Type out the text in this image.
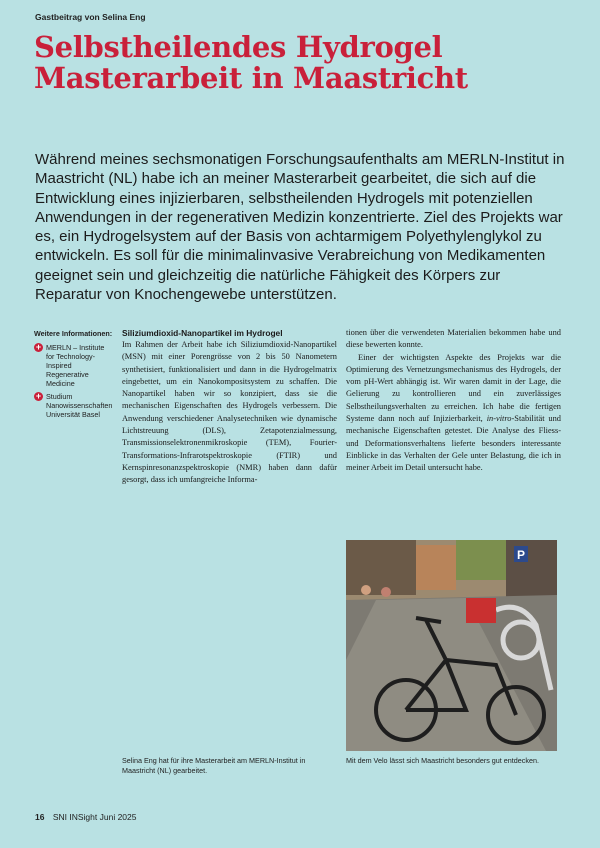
Gastbeitrag von Selina Eng
Selbstheilendes Hydrogel
Masterarbeit in Maastricht
Während meines sechsmonatigen Forschungsaufenthalts am MERLN-Institut in Maastricht (NL) habe ich an meiner Masterarbeit gearbeitet, die sich auf die Entwicklung eines injizierbaren, selbstheilenden Hydrogels mit potenziellen Anwendungen in der regenerativen Medizin konzentrierte. Ziel des Projekts war es, ein Hydrogelsystem auf der Basis von achtarmigem Polyethylenglykol zu entwickeln. Es soll für die minimalinvasive Verabreichung von Medikamenten geeignet sein und gleichzeitig die natürliche Fähigkeit des Körpers zur Reparatur von Knochengewebe unterstützen.
Weitere Informationen:
+ MERLN – Institute for Technology-Inspired Regenerative Medicine
+ Studium Nanowissenschaften Universität Basel
Siliziumdioxid-Nanopartikel im Hydrogel

Im Rahmen der Arbeit habe ich Siliziumdioxid-Nanopartikel (MSN) mit einer Porengrösse von 2 bis 50 Nanometern synthetisiert, funktionalisiert und dann in die Hydrogelmatrix eingebettet, um ein Nanokompositsystem zu schaffen. Die Nanopartikel haben wir so konzipiert, dass sie die mechanischen Eigenschaften des Hydrogels verbessern. Die Anwendung verschiedener Analysetechniken wie dynamische Lichtstreuung (DLS), Zetapotenzialmessung, Transmissionselektronenmikroskopie (TEM), Fourier-Transformations-Infrarotspektroskopie (FTIR) und Kernspinresonanzspektroskopie (NMR) haben dann dafür gesorgt, dass ich umfangreiche Informa-

tionen über die verwendeten Materialien bekommen habe und diese bewerten konnte.

Einer der wichtigsten Aspekte des Projekts war die Optimierung des Vernetzungsmechanismus des Hydrogels, der vom pH-Wert abhängig ist. Wir waren damit in der Lage, die Gelierung zu kontrollieren und ein zuverlässiges Selbstheilungsverhalten zu erreichen. Ich habe die fertigen Systeme dann noch auf Injizierbarkeit, in-vitro-Stabilität und mechanische Eigenschaften getestet. Die Analyse des Fliess- und Deformationsverhaltens lieferte besonders interessante Einblicke in das Verhalten der Gele unter Belastung, die ich in meiner Arbeit im Detail untersucht habe.

P
Selina Eng hat für ihre Masterarbeit am MERLN-Institut in Maastricht (NL) gearbeitet.
Mit dem Velo lässt sich Maastricht besonders gut entdecken.
16 SNI INSight Juni 2025
